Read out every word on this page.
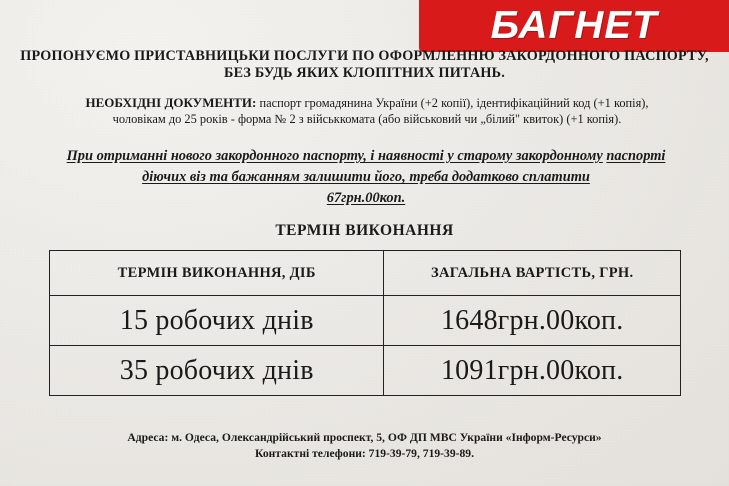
БАГНЕТ
ПРОПОНУЄМО ПРИСТАВНИЦЬКИ ПОСЛУГИ ПО ОФОРМЛЕННЮ ЗАКОРДОННОГО ПАСПОРТУ,
БЕЗ БУДЬ ЯКИХ КЛОПІТНИХ ПИТАНЬ.
НЕОБХІДНІ ДОКУМЕНТИ: паспорт громадянина України (+2 копії), ідентифікаційний код (+1 копія),
чоловікам до 25 років - форма № 2 з військкомата (або військовий чи „білий" квиток) (+1 копія).
При отриманні нового закордонного паспорту, і наявності у старому закордонному паспорті діючих віз та бажанням залишити його, треба додатково сплатити
67грн.00коп.
ТЕРМІН ВИКОНАННЯ
ТЕРМІН ВИКОНАННЯ, ДІБ	ЗАГАЛЬНА ВАРТІСТЬ, ГРН.
15 робочих днів	1648грн.00коп.
35 робочих днів	1091грн.00коп.
Адреса: м. Одеса, Олександрійський проспект, 5, ОФ ДП МВС України «Інформ-Ресурси»
Контактні телефони: 719-39-79, 719-39-89.
